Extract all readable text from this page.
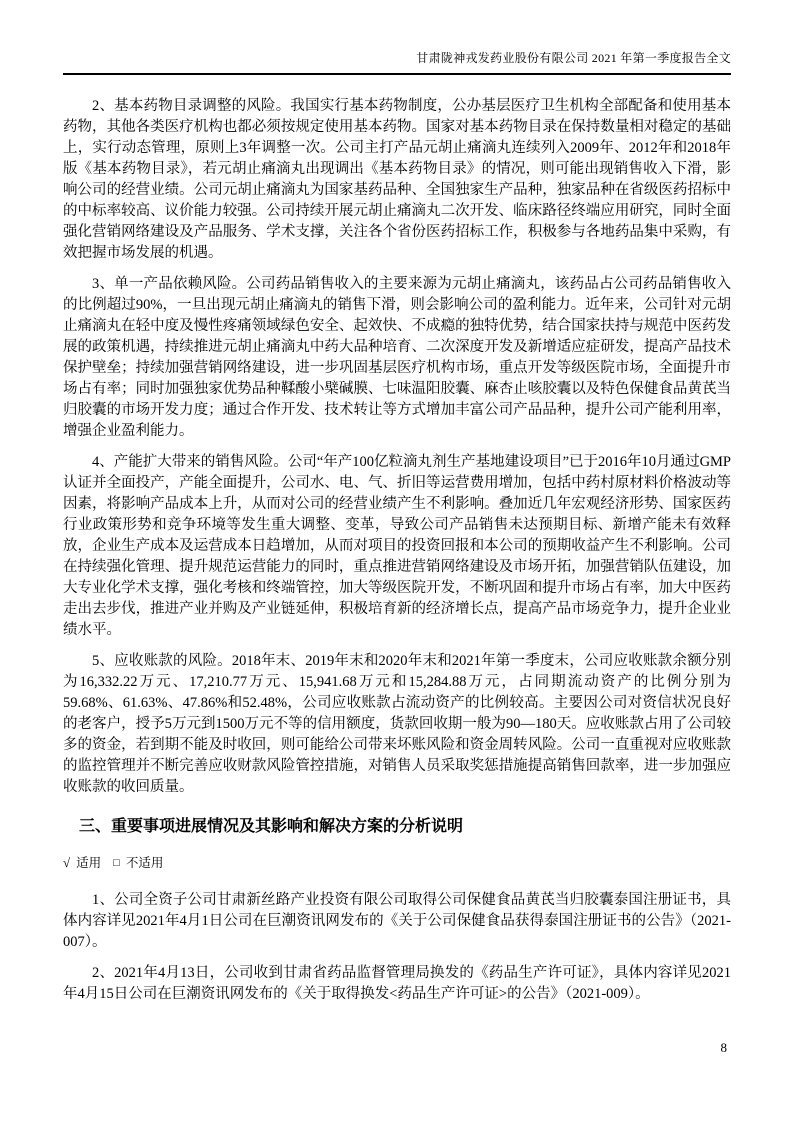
甘肃陇神戎发药业股份有限公司 2021 年第一季度报告全文

2、基本药物目录调整的风险。我国实行基本药物制度，公办基层医疗卫生机构全部配备和使用基本药物，其他各类医疗机构也都必须按规定使用基本药物。国家对基本药物目录在保持数量相对稳定的基础上，实行动态管理，原则上3年调整一次。公司主打产品元胡止痛滴丸连续列入2009年、2012年和2018年版《基本药物目录》，若元胡止痛滴丸出现调出《基本药物目录》的情况，则可能出现销售收入下滑，影响公司的经营业绩。公司元胡止痛滴丸为国家基药品种、全国独家生产品种，独家品种在省级医药招标中的中标率较高、议价能力较强。公司持续开展元胡止痛滴丸二次开发、临床路径终端应用研究，同时全面强化营销网络建设及产品服务、学术支撑，关注各个省份医药招标工作，积极参与各地药品集中采购，有效把握市场发展的机遇。

3、单一产品依赖风险。公司药品销售收入的主要来源为元胡止痛滴丸，该药品占公司药品销售收入的比例超过90%，一旦出现元胡止痛滴丸的销售下滑，则会影响公司的盈利能力。近年来，公司针对元胡止痛滴丸在轻中度及慢性疼痛领域绿色安全、起效快、不成瘾的独特优势，结合国家扶持与规范中医药发展的政策机遇，持续推进元胡止痛滴丸中药大品种培育、二次深度开发及新增适应症研发，提高产品技术保护壁垒；持续加强营销网络建设，进一步巩固基层医疗机构市场，重点开发等级医院市场，全面提升市场占有率；同时加强独家优势品种鞣酸小檗碱膜、七味温阳胶囊、麻杏止咳胶囊以及特色保健食品黄芪当归胶囊的市场开发力度；通过合作开发、技术转让等方式增加丰富公司产品品种，提升公司产能利用率，增强企业盈利能力。

4、产能扩大带来的销售风险。公司“年产100亿粒滴丸剂生产基地建设项目”已于2016年10月通过GMP认证并全面投产，产能全面提升，公司水、电、气、折旧等运营费用增加，包括中药村原材料价格波动等因素，将影响产品成本上升，从而对公司的经营业绩产生不利影响。叠加近几年宏观经济形势、国家医药行业政策形势和竞争环境等发生重大调整、变革，导致公司产品销售未达预期目标、新增产能未有效释放，企业生产成本及运营成本日趋增加，从而对项目的投资回报和本公司的预期收益产生不利影响。公司在持续强化管理、提升规范运营能力的同时，重点推进营销网络建设及市场开拓，加强营销队伍建设，加大专业化学术支撑，强化考核和终端管控，加大等级医院开发，不断巩固和提升市场占有率，加大中医药走出去步伐，推进产业并购及产业链延伸，积极培育新的经济增长点，提高产品市场竞争力，提升企业业绩水平。

5、应收账款的风险。2018年末、2019年末和2020年末和2021年第一季度末，公司应收账款余额分别为16,332.22万元、17,210.77万元、15,941.68万元和15,284.88万元，占同期流动资产的比例分别为59.68%、61.63%、47.86%和52.48%，公司应收账款占流动资产的比例较高。主要因公司对资信状况良好的老客户，授予5万元到1500万元不等的信用额度，货款回收期一般为90—180天。应收账款占用了公司较多的资金，若到期不能及时收回，则可能给公司带来坏账风险和资金周转风险。公司一直重视对应收账款的监控管理并不断完善应收财款风险管控措施，对销售人员采取奖惩措施提高销售回款率，进一步加强应收账款的收回质量。

三、重要事项进展情况及其影响和解决方案的分析说明
√ 适用 □ 不适用

1、公司全资子公司甘肃新丝路产业投资有限公司取得公司保健食品黄芪当归胶囊泰国注册证书，具体内容详见2021年4月1日公司在巨潮资讯网发布的《关于公司保健食品获得泰国注册证书的公告》（2021-007）。

2、2021年4月13日，公司收到甘肃省药品监督管理局换发的《药品生产许可证》，具体内容详见2021年4月15日公司在巨潮资讯网发布的《关于取得换发<药品生产许可证>的公告》（2021-009）。

8
